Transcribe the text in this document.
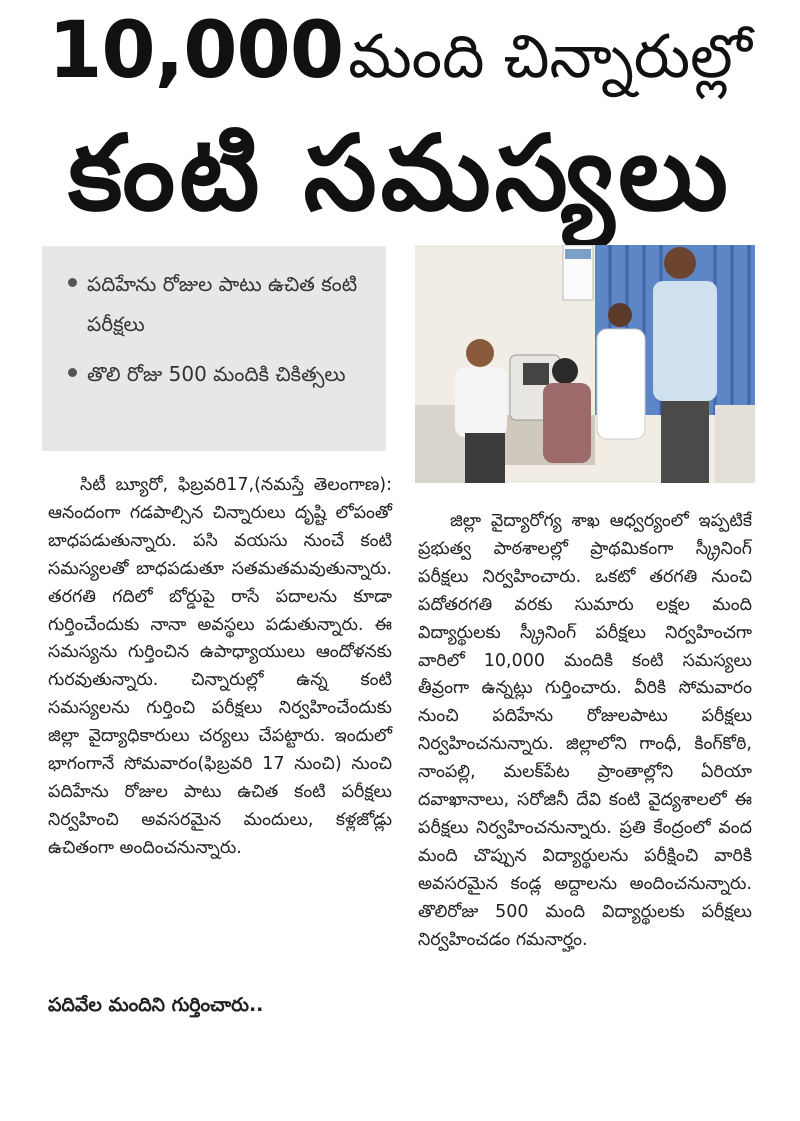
10,000 మంది చిన్నారుల్లో
కంటి సమస్యలు
పదిహేను రోజుల పాటు ఉచిత కంటి పరీక్షలు
తొలి రోజు 500 మందికి చికిత్సలు

సిటీ బ్యూరో, ఫిబ్రవరి17,(నమస్తే తెలంగాణ): ఆనందంగా గడపాల్సిన చిన్నారులు దృష్టి లోపంతో బాధపడుతున్నారు. పసి వయసు నుంచే కంటి సమస్యలతో బాధపడుతూ సతమతమవుతున్నారు. తరగతి గదిలో బోర్డుపై రాసే పదాలను కూడా గుర్తించేందుకు నానా అవస్థలు పడుతున్నారు. ఈ సమస్యను గుర్తించిన ఉపాధ్యాయులు ఆందోళనకు గురవుతున్నారు. చిన్నారుల్లో ఉన్న కంటి సమస్యలను గుర్తించి పరీక్షలు నిర్వహించేందుకు జిల్లా వైద్యాధికారులు చర్యలు చేపట్టారు. ఇందులో భాగంగానే సోమవారం(ఫిబ్రవరి 17 నుంచి) నుంచి పదిహేను రోజుల పాటు ఉచిత కంటి పరీక్షలు నిర్వహించి అవసరమైన మందులు, కళ్లజోడ్లు ఉచితంగా అందించనున్నారు.

పదివేల మందిని గుర్తించారు..

జిల్లా వైద్యారోగ్య శాఖ ఆధ్వర్యంలో ఇప్పటికే ప్రభుత్వ పాఠశాలల్లో ప్రాథమికంగా స్క్రీనింగ్ పరీక్షలు నిర్వహించారు. ఒకటో తరగతి నుంచి పదోతరగతి వరకు సుమారు లక్షల మంది విద్యార్థులకు స్క్రీనింగ్ పరీక్షలు నిర్వహించగా వారిలో 10,000 మందికి కంటి సమస్యలు తీవ్రంగా ఉన్నట్లు గుర్తించారు. వీరికి సోమవారం నుంచి పదిహేను రోజులపాటు పరీక్షలు నిర్వహించనున్నారు. జిల్లాలోని గాంధీ, కింగ్‌కోఠి, నాంపల్లి, మలక్‌పేట ప్రాంతాల్లోని ఏరియా దవాఖానాలు, సరోజినీ దేవి కంటి వైద్యశాలలో ఈ పరీక్షలు నిర్వహించనున్నారు. ప్రతి కేంద్రంలో వంద మంది చొప్పున విద్యార్థులను పరీక్షించి వారికి అవసరమైన కండ్ల అద్దాలను అందించనున్నారు. తొలిరోజు 500 మంది విద్యార్థులకు పరీక్షలు నిర్వహించడం గమనార్హం.
